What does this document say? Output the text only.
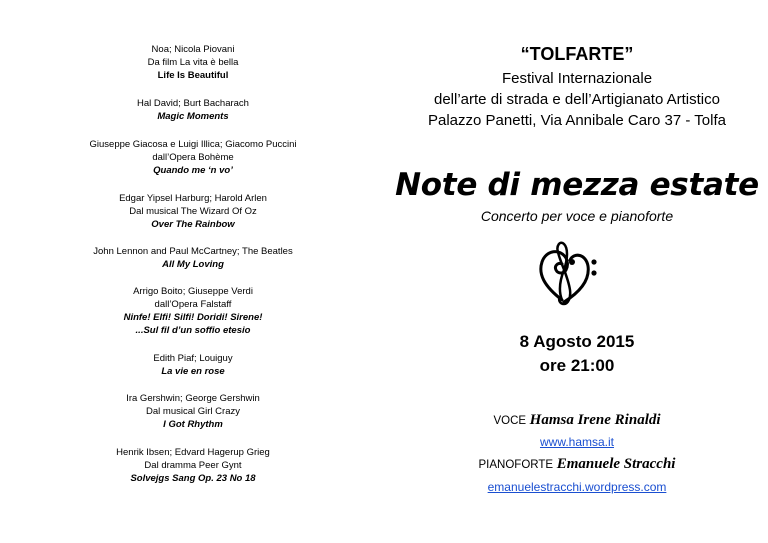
Noa; Nicola Piovani
Da film La vita è bella
Life Is Beautiful
Hal David; Burt Bacharach
Magic Moments
Giuseppe Giacosa e Luigi Illica; Giacomo Puccini
dall’Opera Bohème
Quando me ‘n vo’
Edgar Yipsel Harburg; Harold Arlen
Dal musical The Wizard Of Oz
Over The Rainbow
John Lennon and Paul McCartney; The Beatles
All My Loving
Arrigo Boito; Giuseppe Verdi
dall’Opera Falstaff
Ninfe! Elfi! Silfi! Doridi! Sirene!
...Sul fil d’un soffio etesio
Edith Piaf; Louiguy
La vie en rose
Ira Gershwin; George Gershwin
Dal musical Girl Crazy
I Got Rhythm
Henrik Ibsen; Edvard Hagerup Grieg
Dal dramma Peer Gynt
Solvejgs Sang Op. 23 No 18
“TOLFARTE”
Festival Internazionale
dell’arte di strada e dell’Artigianato Artistico
Palazzo Panetti, Via Annibale Caro 37 - Tolfa
Note di mezza estate
Concerto per voce e pianoforte
8 Agosto 2015
ore 21:00
VOCE Hamsa Irene Rinaldi
www.hamsa.it
PIANOFORTE Emanuele Stracchi
emanuelestracchi.wordpress.com
